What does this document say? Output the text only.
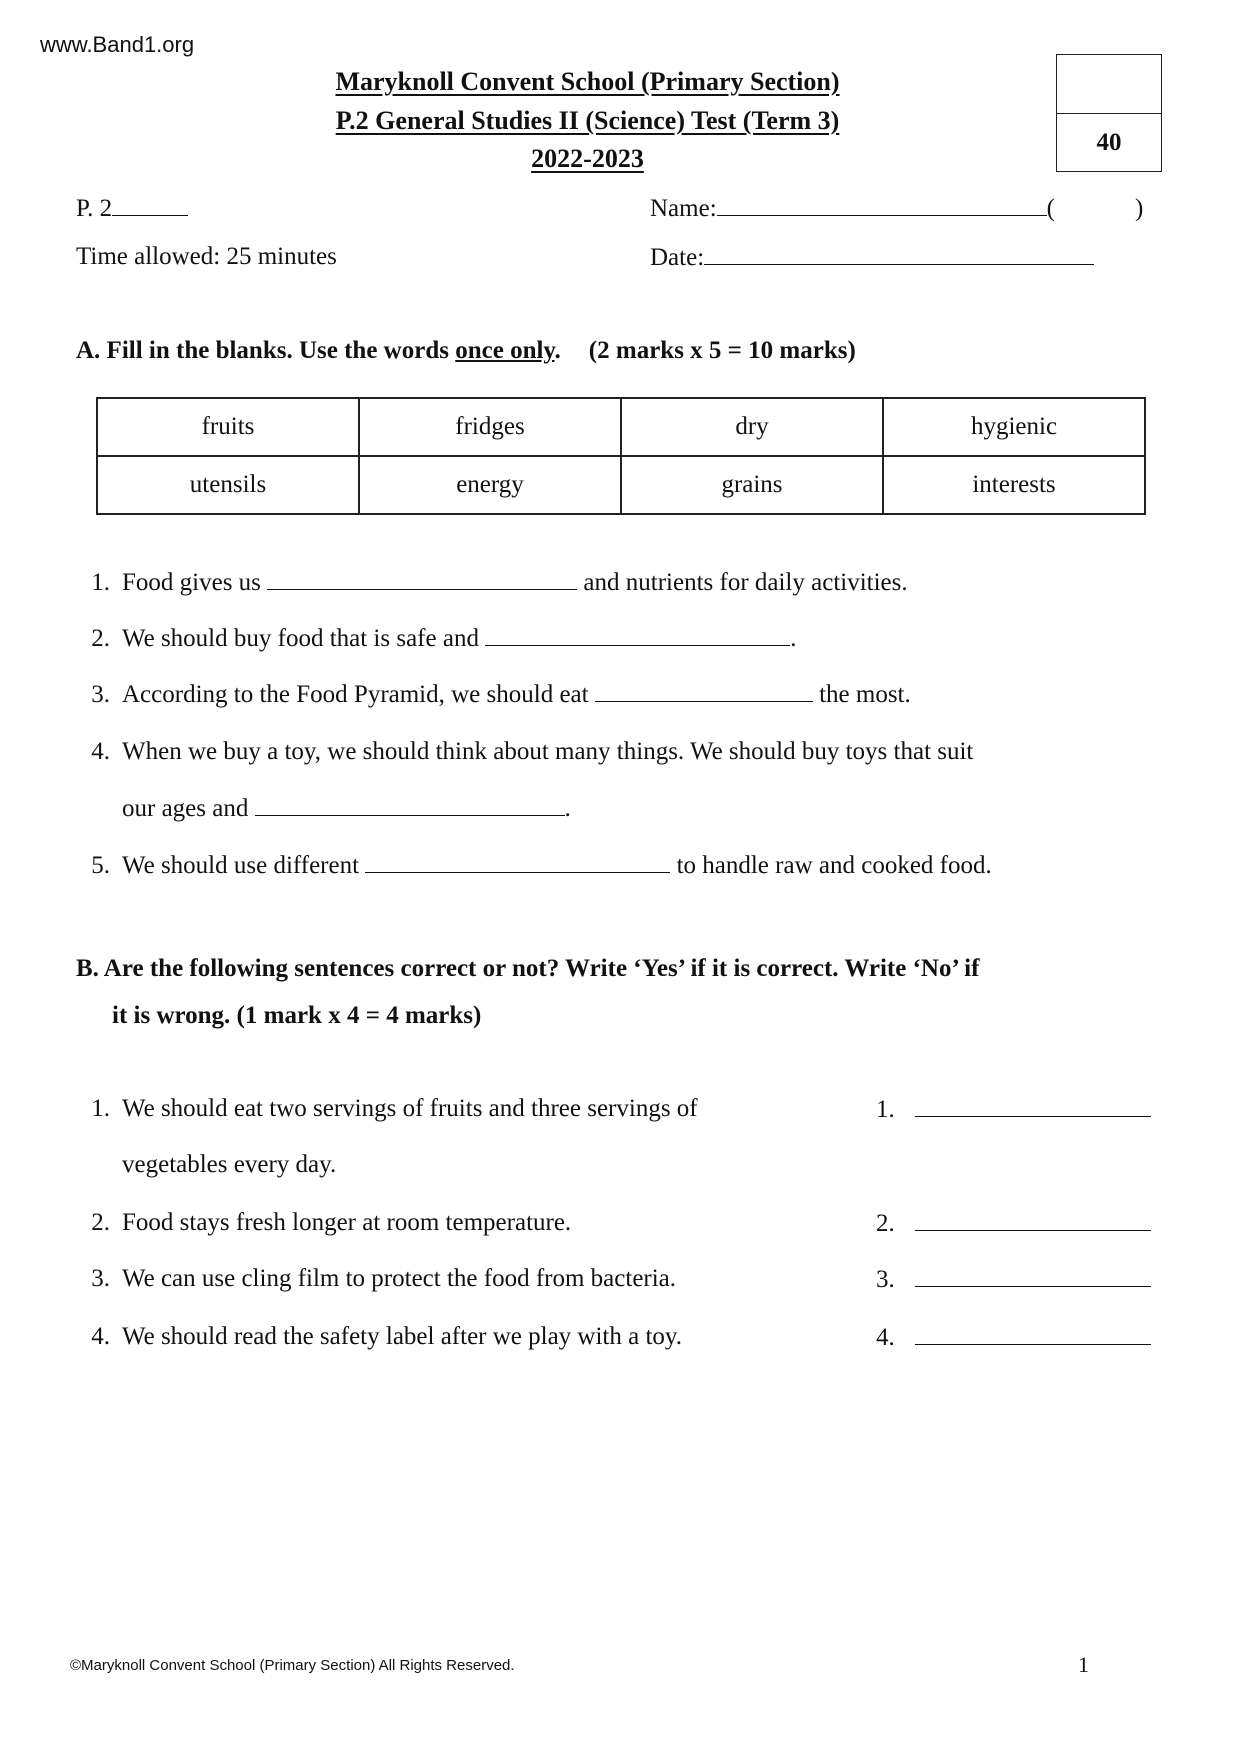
www.Band1.org
Maryknoll Convent School (Primary Section)
P.2 General Studies II (Science) Test (Term 3)
2022-2023
40
P. 2
Time allowed: 25 minutes
Name:	(	)
Date:
A. Fill in the blanks. Use the words once only. (2 marks x 5 = 10 marks)
fruits	fridges	dry	hygienic
utensils	energy	grains	interests
1. Food gives us	and nutrients for daily activities.
2. We should buy food that is safe and	.
3. According to the Food Pyramid, we should eat	the most.
4. When we buy a toy, we should think about many things. We should buy toys that suit
our ages and	.
5. We should use different	to handle raw and cooked food.
B. Are the following sentences correct or not? Write ‘Yes’ if it is correct. Write ‘No’ if
it is wrong. (1 mark x 4 = 4 marks)
1. We should eat two servings of fruits and three servings of
vegetables every day.
2. Food stays fresh longer at room temperature.
3. We can use cling film to protect the food from bacteria.
4. We should read the safety label after we play with a toy.
1.
2.
3.
4.
©Maryknoll Convent School (Primary Section) All Rights Reserved.	1
